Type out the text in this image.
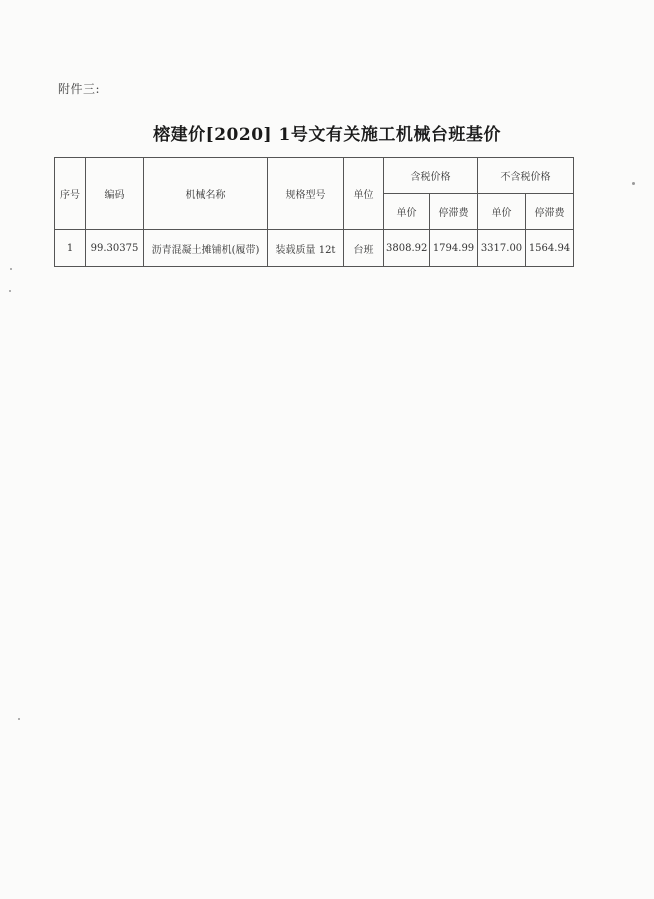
附件三:
榕建价[2020] 1号文有关施工机械台班基价
序号	编码	机械名称	规格型号	单位	含税价格		不含税价格	
					单价	停滞费	单价	停滞费
1	99.30375	沥青混凝土摊铺机(履带)	装载质量 12t	台班	3808.92	1794.99	3317.00	1564.94
